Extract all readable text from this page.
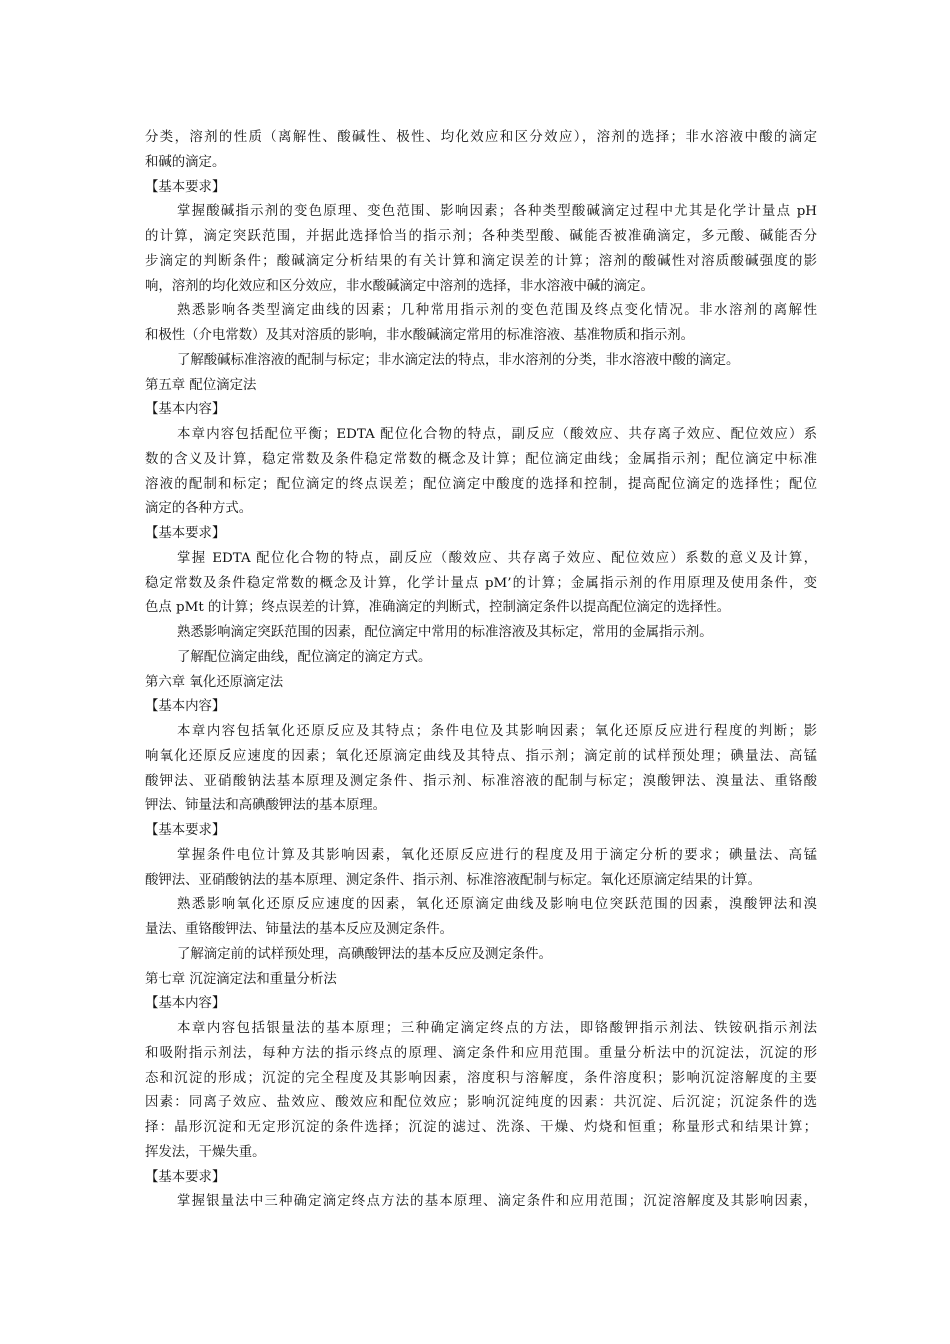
分类，溶剂的性质（离解性、酸碱性、极性、均化效应和区分效应），溶剂的选择；非水溶液中酸的滴定
和碱的滴定。
【基本要求】
掌握酸碱指示剂的变色原理、变色范围、影响因素；各种类型酸碱滴定过程中尤其是化学计量点 pH
的计算，滴定突跃范围，并据此选择恰当的指示剂；各种类型酸、碱能否被准确滴定，多元酸、碱能否分
步滴定的判断条件；酸碱滴定分析结果的有关计算和滴定误差的计算；溶剂的酸碱性对溶质酸碱强度的影
响，溶剂的均化效应和区分效应，非水酸碱滴定中溶剂的选择，非水溶液中碱的滴定。
熟悉影响各类型滴定曲线的因素；几种常用指示剂的变色范围及终点变化情况。非水溶剂的离解性
和极性（介电常数）及其对溶质的影响，非水酸碱滴定常用的标准溶液、基准物质和指示剂。
了解酸碱标准溶液的配制与标定；非水滴定法的特点，非水溶剂的分类，非水溶液中酸的滴定。
第五章 配位滴定法
【基本内容】
本章内容包括配位平衡；EDTA 配位化合物的特点，副反应（酸效应、共存离子效应、配位效应）系
数的含义及计算，稳定常数及条件稳定常数的概念及计算；配位滴定曲线；金属指示剂；配位滴定中标准
溶液的配制和标定；配位滴定的终点误差；配位滴定中酸度的选择和控制，提高配位滴定的选择性；配位
滴定的各种方式。
【基本要求】
掌握 EDTA 配位化合物的特点，副反应（酸效应、共存离子效应、配位效应）系数的意义及计算，
稳定常数及条件稳定常数的概念及计算，化学计量点 pM’的计算；金属指示剂的作用原理及使用条件，变
色点 pMt 的计算；终点误差的计算，准确滴定的判断式，控制滴定条件以提高配位滴定的选择性。
熟悉影响滴定突跃范围的因素，配位滴定中常用的标准溶液及其标定，常用的金属指示剂。
了解配位滴定曲线，配位滴定的滴定方式。
第六章 氧化还原滴定法
【基本内容】
本章内容包括氧化还原反应及其特点；条件电位及其影响因素；氧化还原反应进行程度的判断；影
响氧化还原反应速度的因素；氧化还原滴定曲线及其特点、指示剂；滴定前的试样预处理；碘量法、高锰
酸钾法、亚硝酸钠法基本原理及测定条件、指示剂、标准溶液的配制与标定；溴酸钾法、溴量法、重铬酸
钾法、铈量法和高碘酸钾法的基本原理。
【基本要求】
掌握条件电位计算及其影响因素，氧化还原反应进行的程度及用于滴定分析的要求；碘量法、高锰
酸钾法、亚硝酸钠法的基本原理、测定条件、指示剂、标准溶液配制与标定。氧化还原滴定结果的计算。
熟悉影响氧化还原反应速度的因素，氧化还原滴定曲线及影响电位突跃范围的因素，溴酸钾法和溴
量法、重铬酸钾法、铈量法的基本反应及测定条件。
了解滴定前的试样预处理，高碘酸钾法的基本反应及测定条件。
第七章 沉淀滴定法和重量分析法
【基本内容】
本章内容包括银量法的基本原理；三种确定滴定终点的方法，即铬酸钾指示剂法、铁铵矾指示剂法
和吸附指示剂法，每种方法的指示终点的原理、滴定条件和应用范围。重量分析法中的沉淀法，沉淀的形
态和沉淀的形成；沉淀的完全程度及其影响因素，溶度积与溶解度，条件溶度积；影响沉淀溶解度的主要
因素：同离子效应、盐效应、酸效应和配位效应；影响沉淀纯度的因素：共沉淀、后沉淀；沉淀条件的选
择：晶形沉淀和无定形沉淀的条件选择；沉淀的滤过、洗涤、干燥、灼烧和恒重；称量形式和结果计算；
挥发法，干燥失重。
【基本要求】
掌握银量法中三种确定滴定终点方法的基本原理、滴定条件和应用范围；沉淀溶解度及其影响因素，
